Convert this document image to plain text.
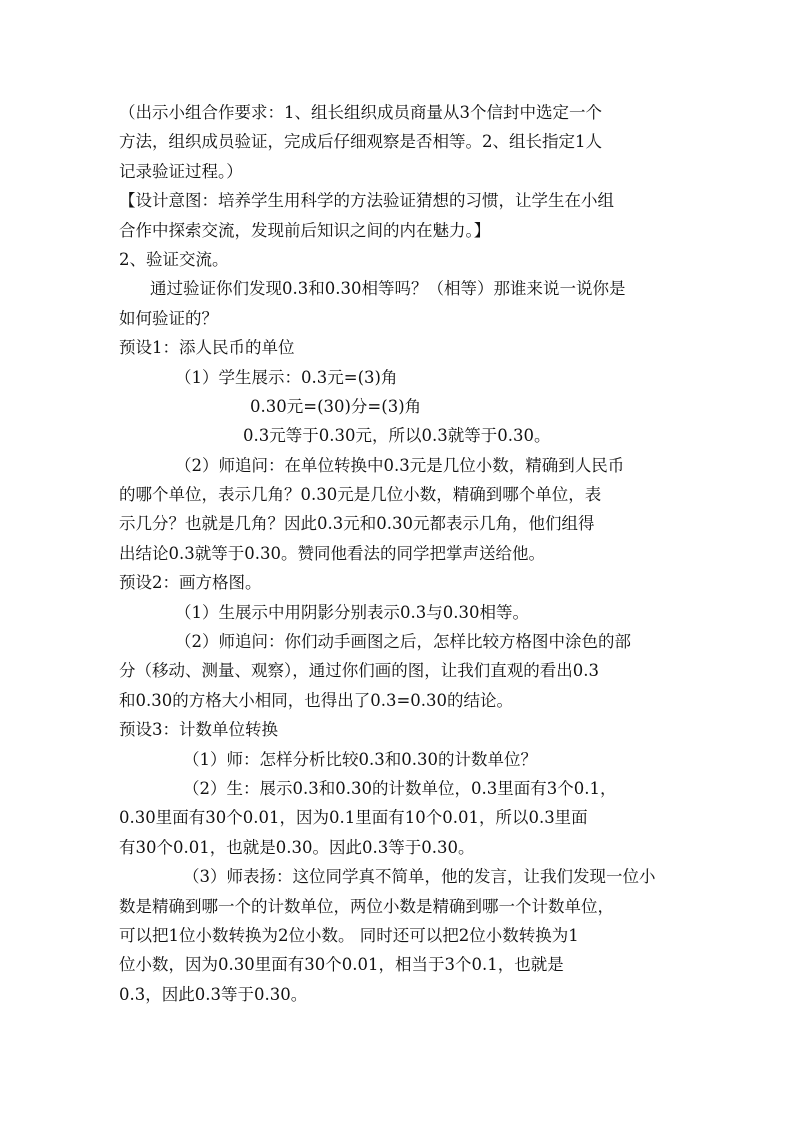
（出示小组合作要求：1、组长组织成员商量从3个信封中选定一个
方法，组织成员验证，完成后仔细观察是否相等。2、组长指定1人
记录验证过程。）
【设计意图：培养学生用科学的方法验证猜想的习惯，让学生在小组
合作中探索交流，发现前后知识之间的内在魅力。】
2、验证交流。
通过验证你们发现0.3和0.30相等吗？（相等）那谁来说一说你是
如何验证的？
预设1：添人民币的单位
（1）学生展示：0.3元=(3)角
0.30元=(30)分=(3)角
0.3元等于0.30元，所以0.3就等于0.30。
（2）师追问：在单位转换中0.3元是几位小数，精确到人民币
的哪个单位，表示几角？0.30元是几位小数，精确到哪个单位，表
示几分？也就是几角？因此0.3元和0.30元都表示几角，他们组得
出结论0.3就等于0.30。赞同他看法的同学把掌声送给他。
预设2：画方格图。
（1）生展示中用阴影分别表示0.3与0.30相等。
（2）师追问：你们动手画图之后，怎样比较方格图中涂色的部
分（移动、测量、观察），通过你们画的图，让我们直观的看出0.3
和0.30的方格大小相同，也得出了0.3=0.30的结论。
预设3：计数单位转换
（1）师：怎样分析比较0.3和0.30的计数单位？
（2）生：展示0.3和0.30的计数单位，0.3里面有3个0.1，
0.30里面有30个0.01，因为0.1里面有10个0.01，所以0.3里面
有30个0.01，也就是0.30。因此0.3等于0.30。
（3）师表扬：这位同学真不简单，他的发言，让我们发现一位小
数是精确到哪一个的计数单位，两位小数是精确到哪一个计数单位，
可以把1位小数转换为2位小数。 同时还可以把2位小数转换为1
位小数，因为0.30里面有30个0.01，相当于3个0.1，也就是
0.3，因此0.3等于0.30。
